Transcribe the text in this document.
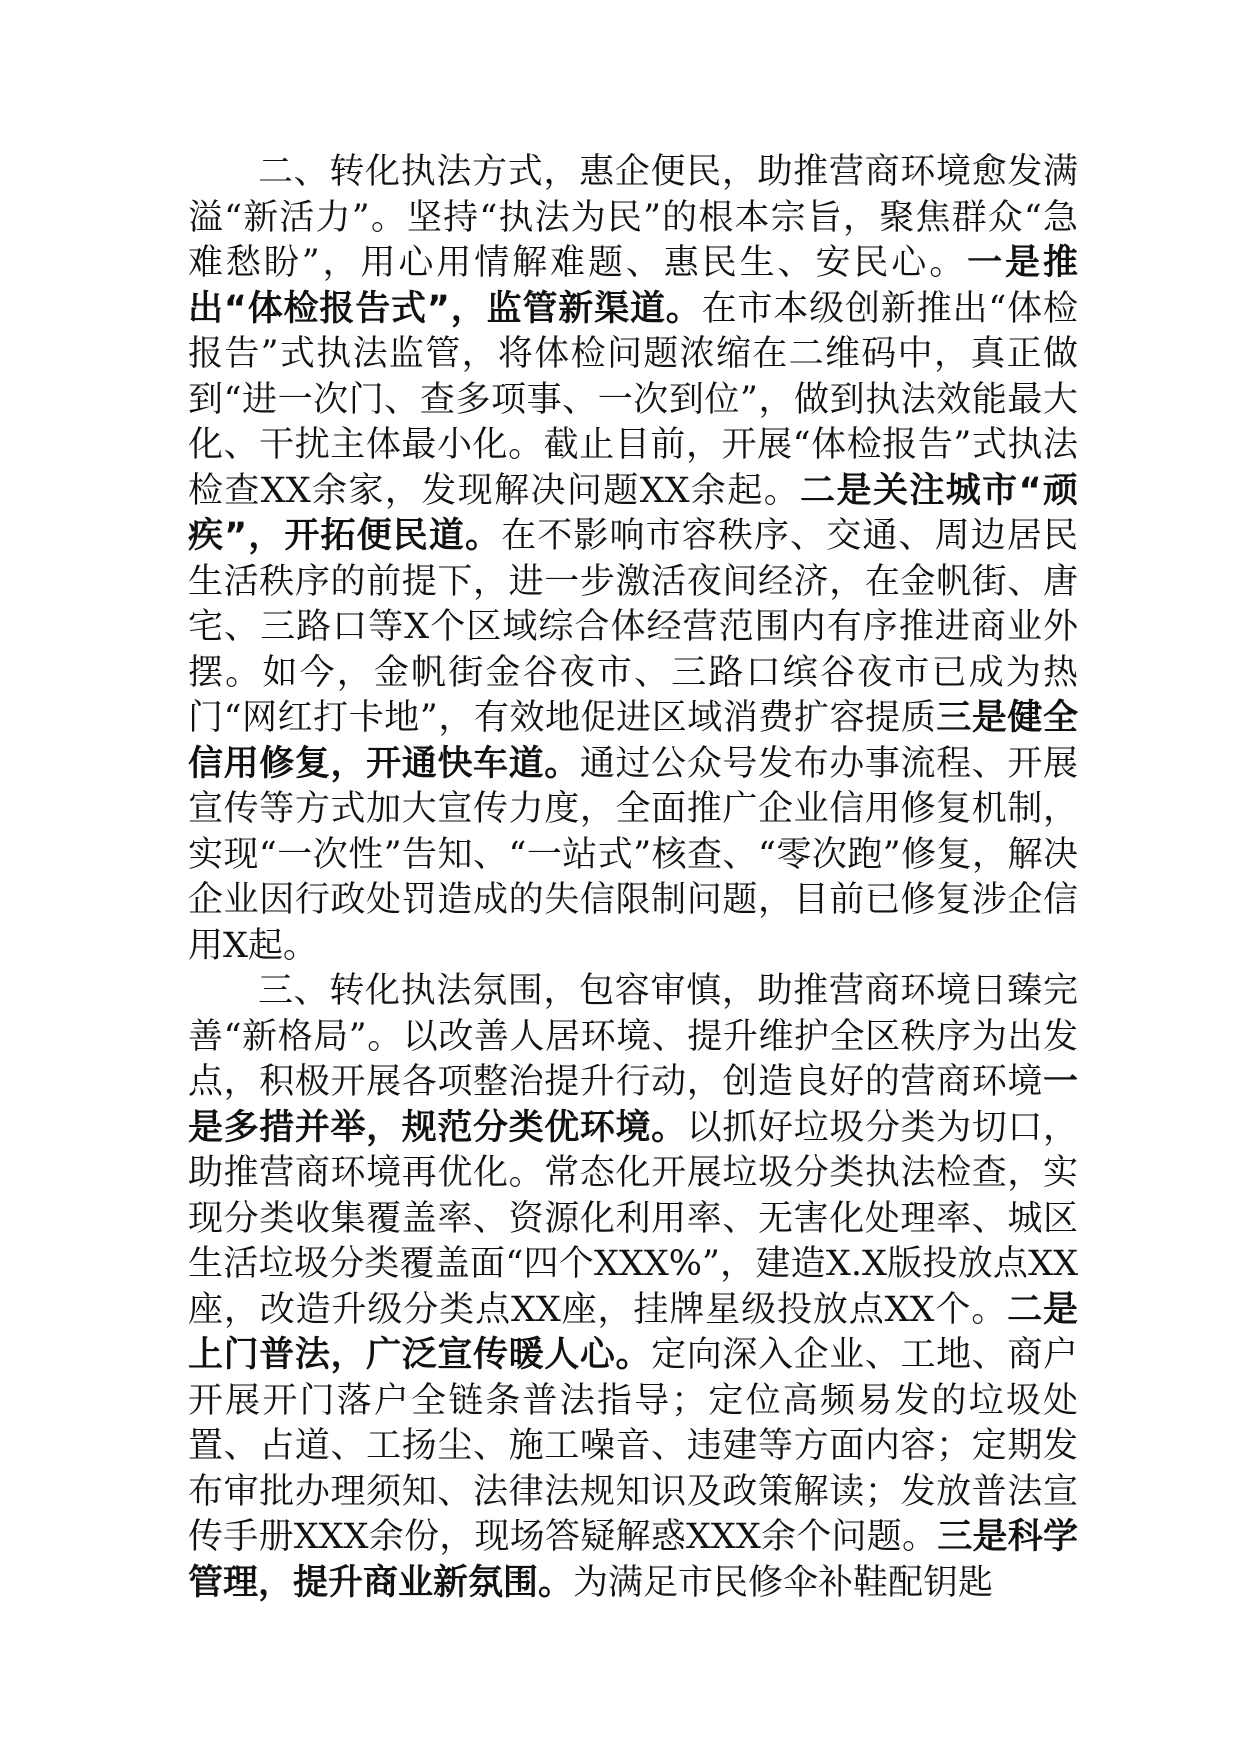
二、转化执法方式，惠企便民，助推营商环境愈发满溢“新活力”。坚持“执法为民”的根本宗旨，聚焦群众“急难愁盼”，用心用情解难题、惠民生、安民心。一是推出“体检报告式”，监管新渠道。在市本级创新推出“体检报告”式执法监管，将体检问题浓缩在二维码中，真正做到“进一次门、查多项事、一次到位”，做到执法效能最大化、干扰主体最小化。截止目前，开展“体检报告”式执法检查XX余家，发现解决问题XX余起。二是关注城市“顽疾”，开拓便民道。在不影响市容秩序、交通、周边居民生活秩序的前提下，进一步激活夜间经济，在金帆街、唐宅、三路口等X个区域综合体经营范围内有序推进商业外摆。如今，金帆街金谷夜市、三路口缤谷夜市已成为热门“网红打卡地”，有效地促进区域消费扩容提质三是健全信用修复，开通快车道。通过公众号发布办事流程、开展宣传等方式加大宣传力度，全面推广企业信用修复机制，实现“一次性”告知、“一站式”核查、“零次跑”修复，解决企业因行政处罚造成的失信限制问题，目前已修复涉企信用X起。

三、转化执法氛围，包容审慎，助推营商环境日臻完善“新格局”。以改善人居环境、提升维护全区秩序为出发点，积极开展各项整治提升行动，创造良好的营商环境一是多措并举，规范分类优环境。以抓好垃圾分类为切口，助推营商环境再优化。常态化开展垃圾分类执法检查，实现分类收集覆盖率、资源化利用率、无害化处理率、城区生活垃圾分类覆盖面“四个XXX%”，建造X.X版投放点XX座，改造升级分类点XX座，挂牌星级投放点XX个。二是上门普法，广泛宣传暖人心。定向深入企业、工地、商户开展开门落户全链条普法指导；定位高频易发的垃圾处置、占道、工扬尘、施工噪音、违建等方面内容；定期发布审批办理须知、法律法规知识及政策解读；发放普法宣传手册XXX余份，现场答疑解惑XXX余个问题。三是科学管理，提升商业新氛围。为满足市民修伞补鞋配钥匙
